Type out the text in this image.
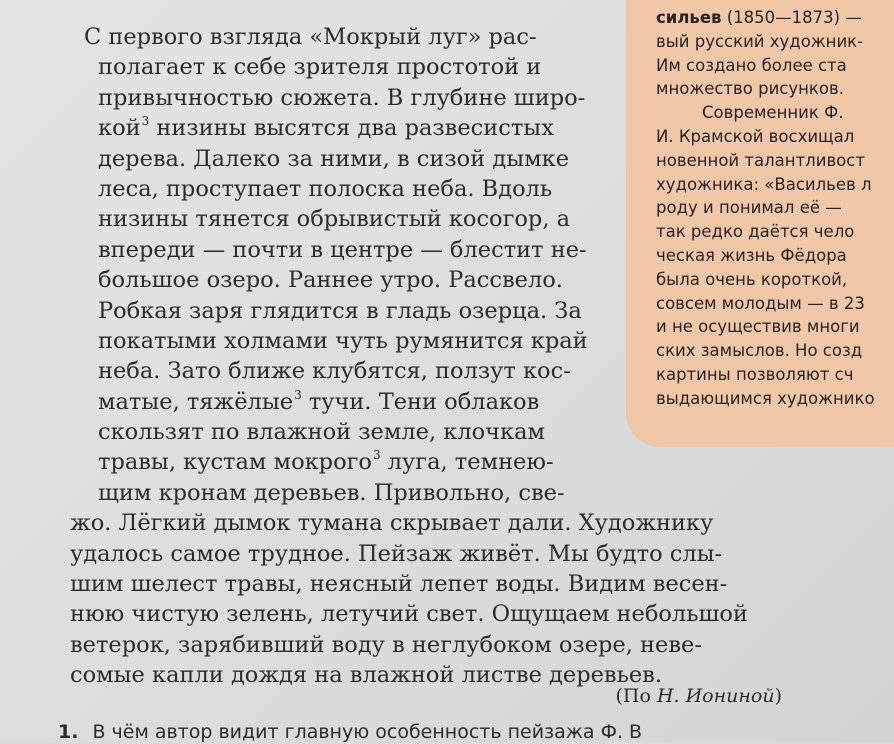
сильев (1850—1873) —
вый русский художник-
Им создано более ста
множество рисунков.
Современник Ф.
И. Крамской восхищал
новенной талантливост
художника: «Васильев л
роду и понимал её —
так редко даётся чело
ческая жизнь Фёдора
была очень короткой,
совсем молодым — в 23
и не осуществив многи
ских замыслов. Но созд
картины позволяют сч
выдающимся художнико
С первого взгляда «Мокрый луг» рас-
полагает к себе зрителя простотой и
привычностью сюжета. В глубине широ-
кой$^3$ низины высятся два развесистых
дерева. Далеко за ними, в сизой дымке
леса, проступает полоска неба. Вдоль
низины тянется обрывистый косогор, а
впереди — почти в центре — блестит не-
большое озеро. Раннее утро. Рассвело.
Робкая заря глядится в гладь озерца. За
покатыми холмами чуть румянится край
неба. Зато ближе клубятся, ползут кос-
матые, тяжёлые$^3$ тучи. Тени облаков
скользят по влажной земле, клочкам
травы, кустам мокрого$^3$ луга, темнею-
щим кронам деревьев. Привольно, све-
жо. Лёгкий дымок тумана скрывает дали. Художнику
удалось самое трудное. Пейзаж живёт. Мы будто слы-
шим шелест травы, неясный лепет воды. Видим весен-
нюю чистую зелень, летучий свет. Ощущаем небольшой
ветерок, зарябивший воду в неглубоком озере, неве-
сомые капли дождя на влажной листве деревьев.
(По Н. Иониной)
1. В чём автор видит главную особенность пейзажа Ф. В
